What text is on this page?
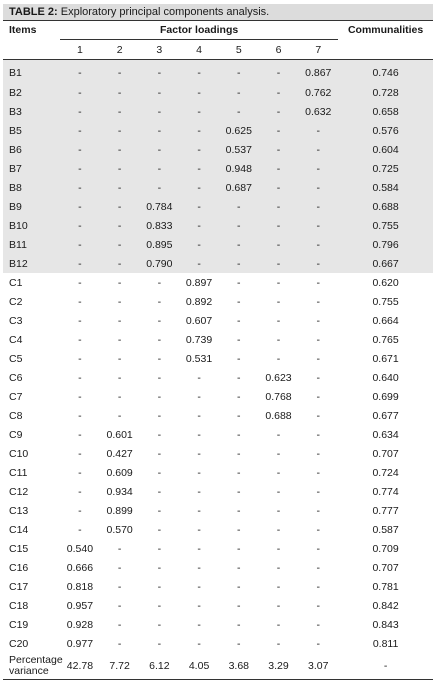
TABLE 2: Exploratory principal components analysis.
Items	Factor loadings							Communalities
	1	2	3	4	5	6	7	
B1	-	-	-	-	-	-	0.867	0.746
B2	-	-	-	-	-	-	0.762	0.728
B3	-	-	-	-	-	-	0.632	0.658
B5	-	-	-	-	0.625	-	-	0.576
B6	-	-	-	-	0.537	-	-	0.604
B7	-	-	-	-	0.948	-	-	0.725
B8	-	-	-	-	0.687	-	-	0.584
B9	-	-	0.784	-	-	-	-	0.688
B10	-	-	0.833	-	-	-	-	0.755
B11	-	-	0.895	-	-	-	-	0.796
B12	-	-	0.790	-	-	-	-	0.667
C1	-	-	-	0.897	-	-	-	0.620
C2	-	-	-	0.892	-	-	-	0.755
C3	-	-	-	0.607	-	-	-	0.664
C4	-	-	-	0.739	-	-	-	0.765
C5	-	-	-	0.531	-	-	-	0.671
C6	-	-	-	-	-	0.623	-	0.640
C7	-	-	-	-	-	0.768	-	0.699
C8	-	-	-	-	-	0.688	-	0.677
C9	-	0.601	-	-	-	-	-	0.634
C10	-	0.427	-	-	-	-	-	0.707
C11	-	0.609	-	-	-	-	-	0.724
C12	-	0.934	-	-	-	-	-	0.774
C13	-	0.899	-	-	-	-	-	0.777
C14	-	0.570	-	-	-	-	-	0.587
C15	0.540	-	-	-	-	-	-	0.709
C16	0.666	-	-	-	-	-	-	0.707
C17	0.818	-	-	-	-	-	-	0.781
C18	0.957	-	-	-	-	-	-	0.842
C19	0.928	-	-	-	-	-	-	0.843
C20	0.977	-	-	-	-	-	-	0.811
Percentage variance	42.78	7.72	6.12	4.05	3.68	3.29	3.07	-
